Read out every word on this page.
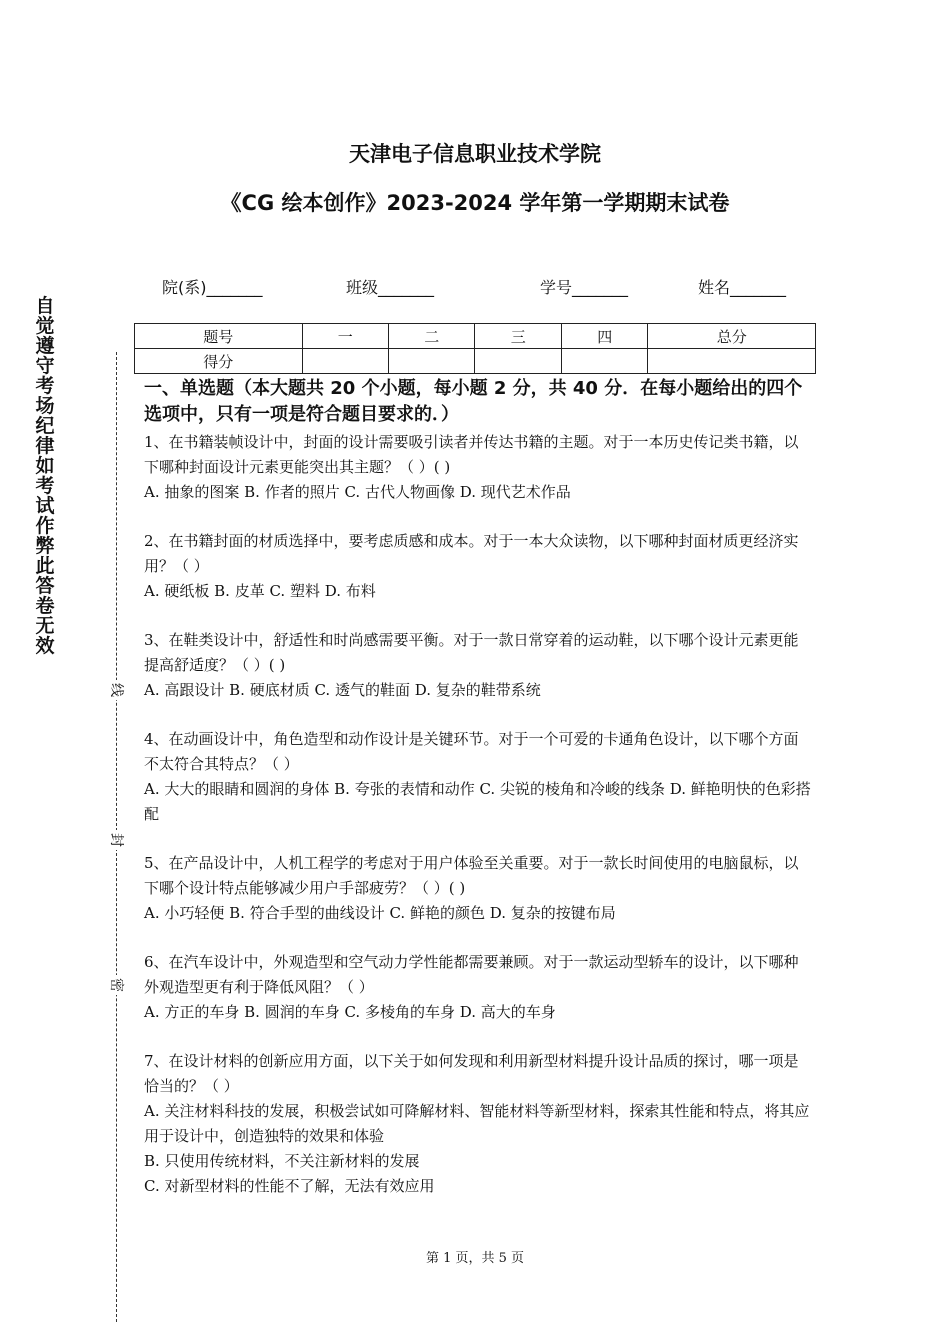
天津电子信息职业技术学院
《CG 绘本创作》2023-2024 学年第一学期期末试卷
院(系)_______	班级_______	学号_______	姓名_______
题号	一	二	三	四	总分
得分					
自觉遵守考场纪律如考试作弊此答卷无效
线
封
密
一、单选题（本大题共 20 个小题，每小题 2 分，共 40 分．在每小题给出的四个选项中，只有一项是符合题目要求的．）
1、在书籍装帧设计中，封面的设计需要吸引读者并传达书籍的主题。对于一本历史传记类书籍，以下哪种封面设计元素更能突出其主题？（ ）( )
A. 抽象的图案 B. 作者的照片 C. 古代人物画像 D. 现代艺术作品
2、在书籍封面的材质选择中，要考虑质感和成本。对于一本大众读物，以下哪种封面材质更经济实用？（ ）
A. 硬纸板 B. 皮革 C. 塑料 D. 布料
3、在鞋类设计中，舒适性和时尚感需要平衡。对于一款日常穿着的运动鞋，以下哪个设计元素更能提高舒适度？（ ）( )
A. 高跟设计 B. 硬底材质 C. 透气的鞋面 D. 复杂的鞋带系统
4、在动画设计中，角色造型和动作设计是关键环节。对于一个可爱的卡通角色设计，以下哪个方面不太符合其特点？（ ）
A. 大大的眼睛和圆润的身体 B. 夸张的表情和动作 C. 尖锐的棱角和冷峻的线条 D. 鲜艳明快的色彩搭配
5、在产品设计中，人机工程学的考虑对于用户体验至关重要。对于一款长时间使用的电脑鼠标，以下哪个设计特点能够减少用户手部疲劳？（ ）( )
A. 小巧轻便 B. 符合手型的曲线设计 C. 鲜艳的颜色 D. 复杂的按键布局
6、在汽车设计中，外观造型和空气动力学性能都需要兼顾。对于一款运动型轿车的设计，以下哪种外观造型更有利于降低风阻？（ ）
A. 方正的车身 B. 圆润的车身 C. 多棱角的车身 D. 高大的车身
7、在设计材料的创新应用方面，以下关于如何发现和利用新型材料提升设计品质的探讨，哪一项是恰当的？（ ）
A. 关注材料科技的发展，积极尝试如可降解材料、智能材料等新型材料，探索其性能和特点，将其应用于设计中，创造独特的效果和体验
B. 只使用传统材料，不关注新材料的发展
C. 对新型材料的性能不了解，无法有效应用
第 1 页，共 5 页
